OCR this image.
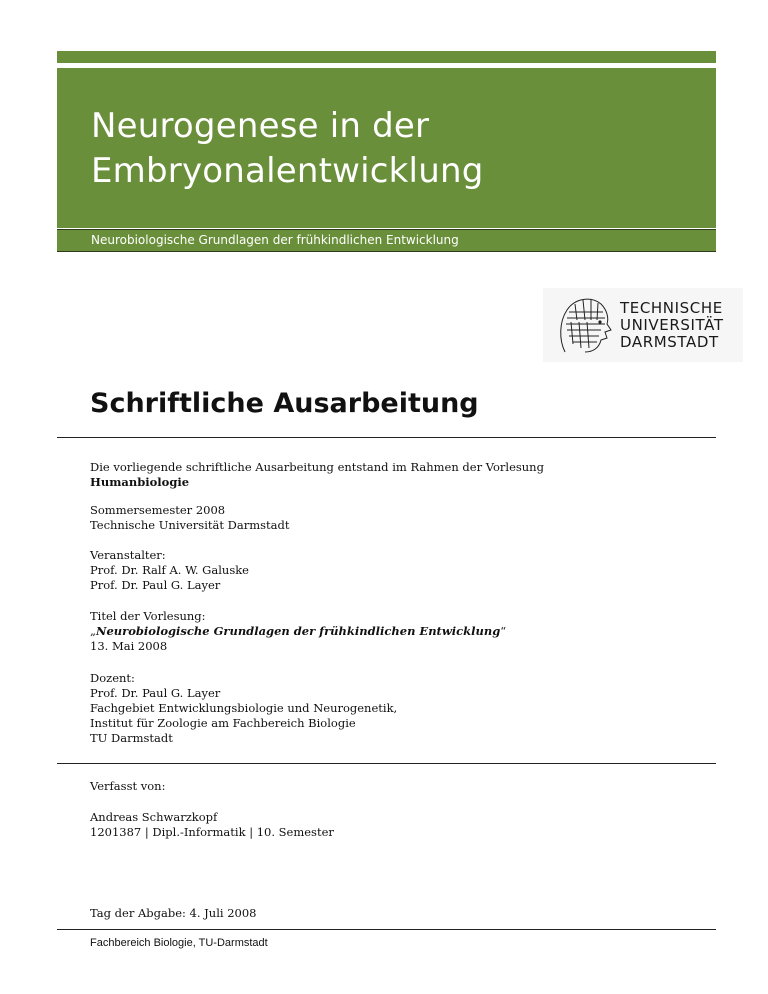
Neurogenese in der
Embryonalentwicklung
Neurobiologische Grundlagen der frühkindlichen Entwicklung
TECHNISCHE
UNIVERSITÄT
DARMSTADT
Schriftliche Ausarbeitung
Die vorliegende schriftliche Ausarbeitung entstand im Rahmen der Vorlesung
Humanbiologie
Sommersemester 2008
Technische Universität Darmstadt
Veranstalter:
Prof. Dr. Ralf A. W. Galuske
Prof. Dr. Paul G. Layer
Titel der Vorlesung:
„Neurobiologische Grundlagen der frühkindlichen Entwicklung“
13. Mai 2008
Dozent:
Prof. Dr. Paul G. Layer
Fachgebiet Entwicklungsbiologie und Neurogenetik,
Institut für Zoologie am Fachbereich Biologie
TU Darmstadt
Verfasst von:
Andreas Schwarzkopf
1201387 | Dipl.-Informatik | 10. Semester
Tag der Abgabe: 4. Juli 2008
Fachbereich Biologie, TU-Darmstadt
